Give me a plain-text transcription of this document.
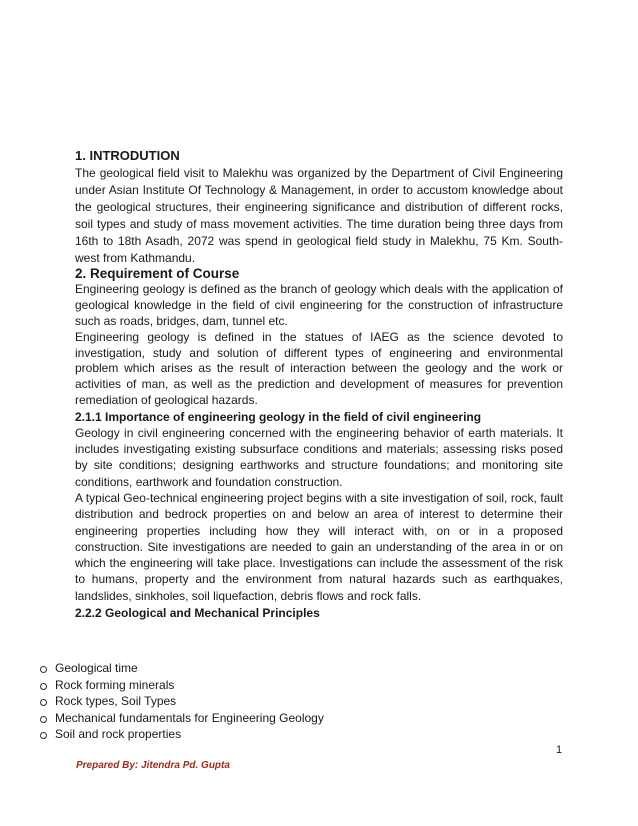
1. INTRODUTION

The geological field visit to Malekhu was organized by the Department of Civil Engineering under Asian Institute Of Technology & Management, in order to accustom knowledge about the geological structures, their engineering significance and distribution of different rocks, soil types and study of mass movement activities. The time duration being three days from 16th to 18th Asadh, 2072 was spend in geological field study in Malekhu, 75 Km. South-west from Kathmandu.

2. Requirement of Course

Engineering geology is defined as the branch of geology which deals with the application of geological knowledge in the field of civil engineering for the construction of infrastructure such as roads, bridges, dam, tunnel etc.

Engineering geology is defined in the statues of IAEG as the science devoted to investigation, study and solution of different types of engineering and environmental problem which arises as the result of interaction between the geology and the work or activities of man, as well as the prediction and development of measures for prevention remediation of geological hazards.

2.1.1 Importance of engineering geology in the field of civil engineering

Geology in civil engineering concerned with the engineering behavior of earth materials. It includes investigating existing subsurface conditions and materials; assessing risks posed by site conditions; designing earthworks and structure foundations; and monitoring site conditions, earthwork and foundation construction.

A typical Geo-technical engineering project begins with a site investigation of soil, rock, fault distribution and bedrock properties on and below an area of interest to determine their engineering properties including how they will interact with, on or in a proposed construction. Site investigations are needed to gain an understanding of the area in or on which the engineering will take place. Investigations can include the assessment of the risk to humans, property and the environment from natural hazards such as earthquakes, landslides, sinkholes, soil liquefaction, debris flows and rock falls.

2.2.2 Geological and Mechanical Principles
Geological time
Rock forming minerals
Rock types, Soil Types
Mechanical fundamentals for Engineering Geology
Soil and rock properties
1
Prepared By: Jitendra Pd. Gupta
